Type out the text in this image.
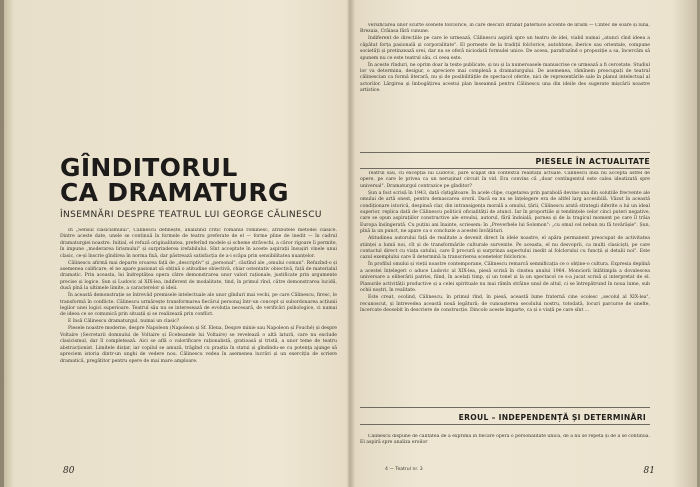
GÎNDITORUL
CA DRAMATURG
ÎNSEMNĂRI DESPRE TEATRUL LUI GEORGE CĂLINESCU

În „Sensul clasicismului", Călinescu definește, analizînd critic romanul romînesc, atributele metodei clasice. Dintre aceste date, unele se continuă în formele de teatru preferate de el — forme pline de inedit — în cadrul dramaturgiei noastre. Inițial, el refuză originalitatea, preferînd modele și scheme străvechi, a căror rigoare îi permite, în impune „moderarea lirismului" și surprinderea irefabilului. Sînt acceptate în aceste aspirații însușiri vinele unui clasic, ce-și înscrie gîndirea în norma fixă, dar păstrează satisfacția de a-i scăpa prin sensibilitatea nuanțelor.

Călinescu afirmă mai departe oroarea față de „descriptiv" și „personal", căutînd ale „omului comun". Refuzînd-o și asemenea calificare, el ne apare pasionat să obțină o atitudine obiectivă, chiar ostentativ obiectivă, față de materialul dramatic. Prin aceasta, lui îndreptățea opera către demonstrarea unor valori raționale, justificate prin argumente precise și logice. Șun și Ludovic al XIX-lea, indiferent de modalitate, tind, în primul rînd, către demonstrarea lucidă, dusă pînă la ultimele limite, a caracterelor și ideii.

În această demonstrație se întrevăd premisele intelectuale ale unor gînduri mai vechi, pe care Călinescu, firesc, le transformă în conflicte. Călinescu urmărește transformarea fiecărui personaj într-un concept și subordonarea acțiunii legilor unei logici superioare. Teatrul său nu se interesează de evoluția necesară, de verificări psihologice, ci numai de ideea ce se comunică prin situații și se realizează prin conflict.

E însă Călinescu dramaturgul, numai un clasic?

Piesele noastre moderne, despre Napoleon (Napoleon și Sf. Elena, Despre minie sau Napoleon și Fouché) și despre Voltaire (Secretarii domnului de Voltaire și Ecebeanele lui Voltaire) se revelează o altă latură, care nu exclude clasicismul, dar îl completează. Aici se află o valorificare raționalistă, gratioasă și tristă, a unor teme de teatru abstracționist. Limitele disțar, iar copilul se amuză, trăgînd cu praștia în statui și gîndindu-se cu potența ajunge să apreciem istoria dintr-un unghi de vedere nou. Călinescu vedea în asemenea lucrări și un exercițiu de scriere dramatică, pregătitor pentru opere de mai mare amploare.

80

versificarea unor scurte scenete folclorice, în care descuri străbat paternice accente de lirism — Cintec de soare și lună, Brezaia, Crăiasa fără cunune.

Indiferent de direcțiile pe care le urmează, Călinescu aspiră spre un teatru de idei, viabil numai „atunci cînd ideea a căpătat forța pasională și corporalitate". El pornește de la tradiții folclorice, autohtone, iberice sau orientale, compune societăți și pretinzează orei, dar nu se oferă niciodată formulei unice. De aceea, parafrazînd o propoziție a sa, încercăm să spunem nu ce este teatrul său, ci ceea este.

În aceste rînduri, ne oprim doar la texte publicate, și nu și la numeroasele manuscrise ce urmează a fi cercetate. Studiul lor va determina, desigur, o apreciere mai complexă a dramaturgului. De asemenea, rămînem preocupați de teatrul călinescian ca formă literară, nu și de posibilitățile de spectacol oferite, nici de reprezentările sale în planul intelectual al actorilor. Lărgirea și îmbogățirea acestui plan înseamnă pentru Călinescu una din ideile des sugerate mișcării noastre artistice.

PIESELE ÎN ACTUALITATE

Teatrul său, cu excepția lui Ludovic, pare scăpat din contextul realității actuale. Călinescu însă nu accepta astfel de opere, pe care le privea ca un nerușinat circuit în vid. Era convins că „doar contingentul este calea ideatizată spre universal". Dramaturgul contrazice pe gînditor?

Șun a fost scrisă în 1943, dată cîștigătoare. În acele clipe, cugetarea prin parabolă devine una din soluțiile frecvente ale omului de artă onest, pentru demascarea ororii. Dacă ea nu se înțelegere era de altfel larg accesibilă. Văzut în această condiționare istorică, despinsă clar, din intransigența morală a omului, țării, Călinescu arată strategii diferite a lui un ideal superior, replica dată de Călinescu politicii oficialității de atunci. Iar în proportiile și tendințele celor cinci puteri negative, care se opun aspirațiilor constructive ale eroului, autorul, fără îndoială, pornea și de la tragicul moment pe care îl trăia Europa însîngerată. Cu puțini ani înainte, scriesem: în „Preverbele lui Solomon": „cu omul cel nebun nu fă tovărășie". Șun, pînă la un punct, ne apare ca o concluzie a acestei învățături.

Atitudinea autorului față de realitate a devenit direct în idele noastre, el apăra permanent preocupat de activitatea științei a lumii noi, cît și de transformările culturale survenite. Pe aceasta, el nu desvoprii, ca mulți clasiciști, pe care contactul direct cu viața satului, care îl procură și surprinza aspectului inedit al folclorului cu funcții și detalii noi". Este cazul exemplului care îl determină la transcrierea scenetelor folclorice.

În profilul omului și vieții noastre contemporane, Călinescu remarcă semnificația ce o obține-o cultura. Expresia deplină a acestei înțelegeri o aduce Ludovic al XIX-lea, piesă scrisă în cinstea anului 1964. Monciorii înlătimpla a dovalescea universare a eliberării patriei, fiind, în acelați timp, și un tonel și la un spectacol ce s-a jucat scrisă și interpretat de el. Planurile activității productive și a celei spirituale nu mai rămîn străine unul de altul, ci se întrepătrund în noua lume, sub ochii noștri, în realitate.

Este creat, ocolind, Călinescu, în primul rînd, în piesă, această lume fraternă cine ocolesc „secolul al XIX-lea", recunoscut, și întrevedea această nouă legătură; de cunoașterea secolului nostru, totodată, locuri parcurse de unelte, încercate deosebit în descriere de construcție. Dincolo aceste împarte, ca și o viață pe care sînt ...

EROUL – INDEPENDENȚĂ ȘI DETERMINĂRI

Călinescu dispune de calitatea de a exprima în fiecare operă o personalitate unică, de a nu se repeta și de a se continua. El aspiră spre analiza eroilor

4 — Teatrul nr. 3	81
